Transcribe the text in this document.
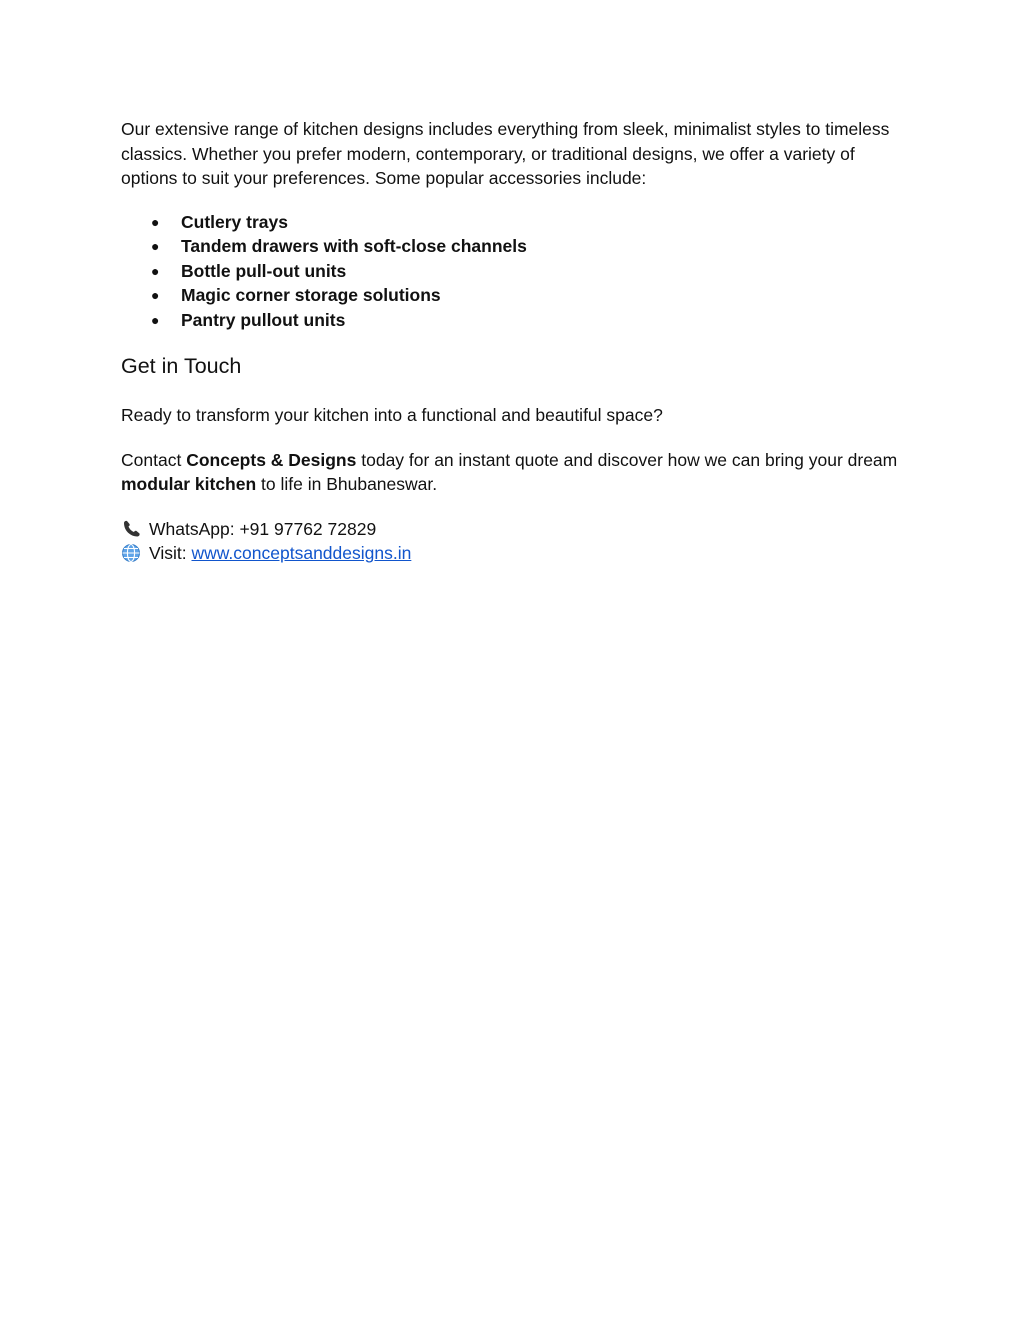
Our extensive range of kitchen designs includes everything from sleek, minimalist styles to timeless classics. Whether you prefer modern, contemporary, or traditional designs, we offer a variety of options to suit your preferences. Some popular accessories include:

● Cutlery trays
● Tandem drawers with soft-close channels
● Bottle pull-out units
● Magic corner storage solutions
● Pantry pullout units
Get in Touch

Ready to transform your kitchen into a functional and beautiful space?

Contact Concepts & Designs today for an instant quote and discover how we can bring your dream modular kitchen to life in Bhubaneswar.

WhatsApp: +91 97762 72829

Visit:
www.conceptsanddesigns.in
